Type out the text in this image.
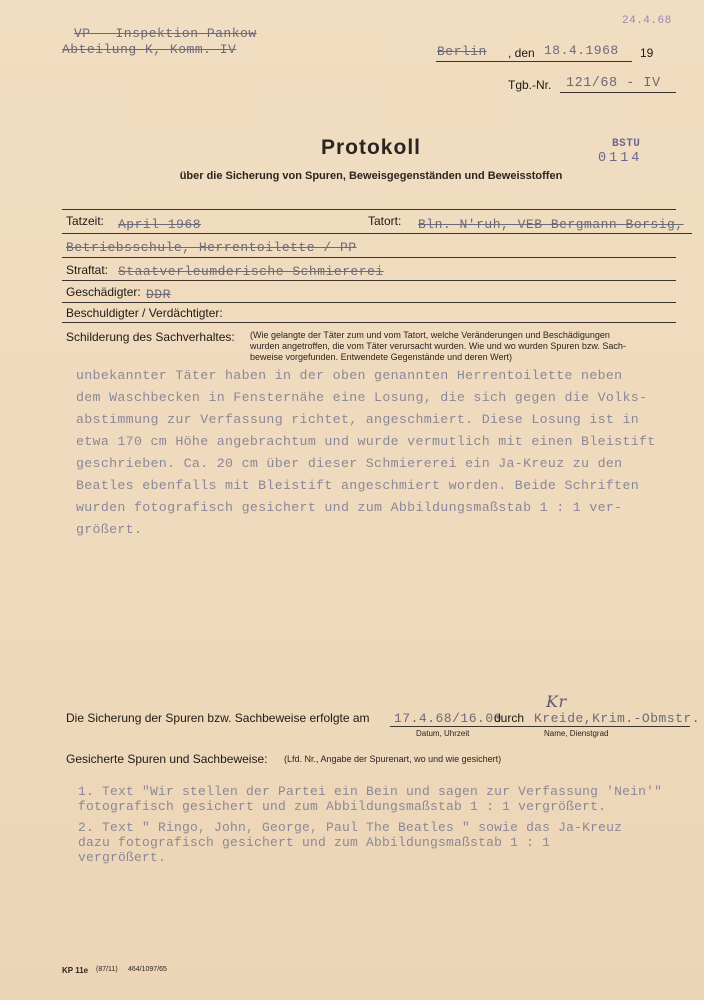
VP - Inspektion Pankow
Abteilung K, Komm. IV	Berlin , den 18.4.1968 19
24.4.68
Tgb.-Nr. 121/68 - IV
Protokoll
über die Sicherung von Spuren, Beweisgegenständen und Beweisstoffen
BSTU
0114
Tatzeit: April 1968	Tatort: Bln.-N'ruh, VEB Bergmann Borsig,
Betriebsschule, Herrentoilette / PP
Straftat: Staatverleumderische Schmiererei
Geschädigter: DDR
Beschuldigter / Verdächtigter:
Schilderung des Sachverhaltes: (Wie gelangte der Täter zum und vom Tatort, welche Veränderungen und Beschädigungen
wurden angetroffen, die vom Täter verursacht wurden. Wie und wo wurden Spuren bzw. Sach-
beweise vorgefunden. Entwendete Gegenstände und deren Wert)
unbekannter Täter haben in der oben genannten Herrentoilette neben
dem Waschbecken in Fensternähe eine Losung, die sich gegen die Volks-
abstimmung zur Verfassung richtet, angeschmiert. Diese Losung ist in
etwa 170 cm Höhe angebrachtum und wurde vermutlich mit einen Bleistift
geschrieben. Ca. 20 cm über dieser Schmiererei ein Ja-Kreuz zu den
Beatles ebenfalls mit Bleistift angeschmiert worden. Beide Schriften
wurden fotografisch gesichert und zum Abbildungsmaßstab 1 : 1 ver-
größert.
Die Sicherung der Spuren bzw. Sachbeweise erfolgte am 17.4.68/16.00
durch Kreide,Krim.-Obmstr.
Kr
Datum, Uhrzeit	Name, Dienstgrad
Gesicherte Spuren und Sachbeweise: (Lfd. Nr., Angabe der Spurenart, wo und wie gesichert)
1. Text "Wir stellen der Partei ein Bein und sagen zur Verfassung 'Nein'"
fotografisch gesichert und zum Abbildungsmaßstab 1 : 1 vergrößert.
2. Text " Ringo, John, George, Paul The Beatles " sowie das Ja-Kreuz
dazu fotografisch gesichert und zum Abbildungsmaßstab 1 : 1
vergrößert.
KP 11e (87/11) 464/1097/65
